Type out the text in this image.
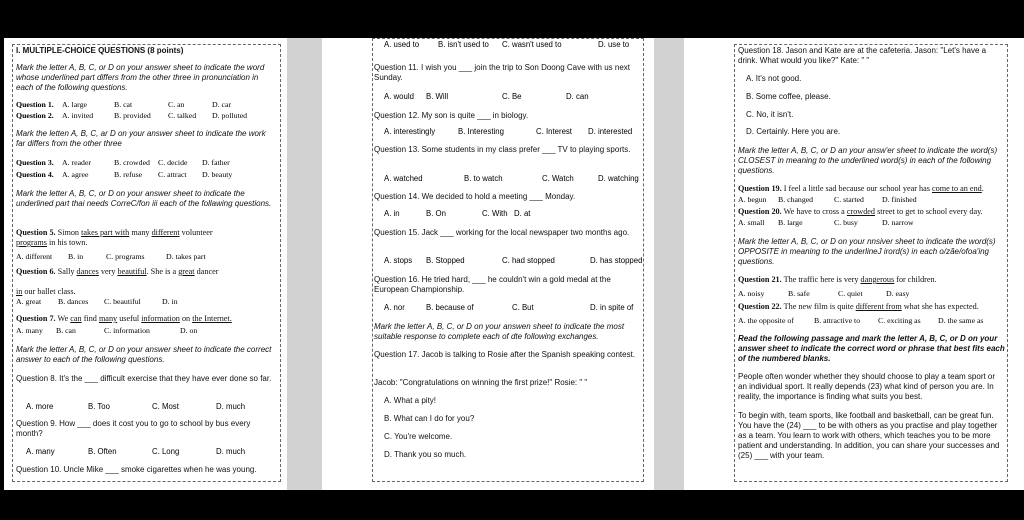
I. MULTIPLE-CHOICE QUESTIONS (8 points)
Mark the letter A, B, C, or D on your answer sheet to indicate the word whose underlined part differs from the other three in pronunciation in each of the following questions.
Question 1. A. large	B. cat	C. an	D. car
Question 2. A. invited	B. provided C. talked D. polluted
Mark the letten A, B, C, ar D on your answer sheet to indicate the work far differs from the other three
Question 3. A. reader	B. crowded C. decide D. father
Question 4. A. agree	B. refuse C. attract D. beauty
Mark the letter A, B, C, or D on your answer sheet to indicate the underlined part thai needs CorreC/fon iii each of the follawing questions.
Question 5. Simon takes part with many different volunteer
programs in his town.
A. different B. in	C. programs	D. takes part
Question 6. Sally dances very beautiful. She is a great dancer

in our ballet class.
A. great B. dances C. beautiful	D. in
Question 7. We can find many useful information on the Internet.
A. many B. can	C. information	D. on
Mark the letter A, B, C, or D on your answer sheet to indicate the correct answer to each of the following questions.
Question 8. It's the ___ difficult exercise that they have ever done so far.
A. more	B. Too	C. Most	D. much
Question 9. How ___ does it cost you to go to school by bus every month?
A. many	B. Often	C. Long	D. much
Question 10. Uncle Mike ___ smoke cigarettes when he was young.
A. used to B. isn't used to C. wasn't used to	D. use to
Question 11. I wish you ___ join the trip to Son Doong Cave with us next Sunday.
A. would B. Will	C. Be	D. can
Question 12. My son is quite ___ in biology.
A. interestingly	B. Interesting	C. Interest D. interested
Question 13. Some students in my class prefer ___ TV to playing sports.
A. watched	B. to watch	C. Watch	D. watching
Question 14. We decided to hold a meeting ___ Monday.
A. in	B. On	C. With D. at
Question 15. Jack ___ working for the local newspaper two months ago.
A. stops B. Stopped	C. had stopped	D. has stopped
Question 16. He tried hard, ___ he couldn't win a gold medal at the European Championship.
A. nor	B. because of	C. But	D. in spite of
Mark the letter A, B, C, or D on your answen sheet to indicate the most suitable response to complete each of dte following exchanges.
Question 17. Jacob is talking to Rosie after the Spanish speaking contest.
Jacob: "Congratulations on winning the first prize!" Rosie: " "
A. What a pity!
B. What can I do for you?
C. You're welcome.
D. Thank you so much.
Question 18. Jason and Kate are at the cafeteria. Jason: "Let's have a drink. What would you like?" Kate: " "
A. It's not good.
B. Some coffee, please.
C. No, it isn't.
D. Certainly. Here you are.
Mark the letter A, B, C, or D an your answ'er sheet to indicate the word(s) CLOSEST in meaning to the underlined word(s) in each of the following questions.
Question 19. I feel a little sad because our school year has come to an end.
A. begun B. changed	C. started D. finished
Question 20. We have to cross a crowded street to get to school every day.
A. small B. large	C. busy	D. narrow
Mark the letter A, B, C, or D on your nnsiver sheet to indicate the word(s) OPPOSITE in meaning to the underlineJ irord(s) in each o/zãe/ofoa'ing questions.
Question 21. The traffic here is very dangerous for children.
A. noisy	B. safe	C. quiet	D. easy
Question 22. The new film is quite different from what she has expected.
A. the opposite of	B. attractive to C. exciting as D. the same as
Read the following passage and mark the letter A, B, C, or D on your answer sheet to indicate the correct word or phrase that best fits each of the numbered blanks.
People often wonder whether they should choose to play a team sport or an individual sport. It really depends (23) what kind of person you are. In reality, the importance is finding what suits you best.
To begin with, team sports, like football and basketball, can be great fun. You have the (24) ___ to be with others as you practise and play together as a team. You learn to work with others, which teaches you to be more patient and understanding. In addition, you can share your successes and (25) ___ with your team.
